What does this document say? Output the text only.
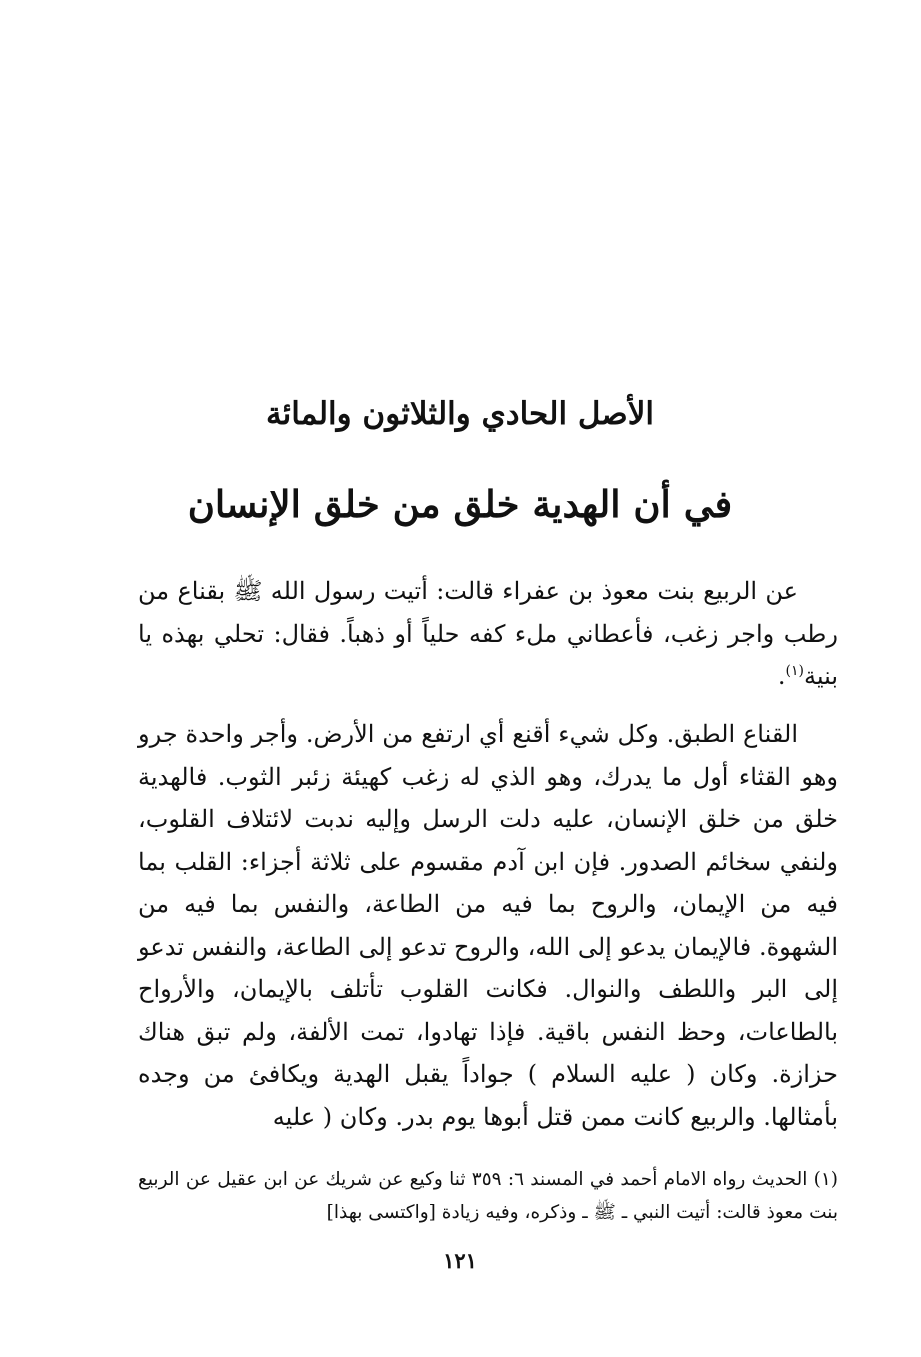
الأصل الحادي والثلاثون والمائة
في أن الهدية خلق من خلق الإنسان

عن الربيع بنت معوذ بن عفراء قالت: أتيت رسول الله ﷺ بقناع من رطب واجر زغب، فأعطاني ملء كفه حلياً أو ذهباً. فقال: تحلي بهذه يا بنية$^{(١)}$.

القناع الطبق. وكل شيء أقنع أي ارتفع من الأرض. وأجر واحدة جرو وهو القثاء أول ما يدرك، وهو الذي له زغب كهيئة زئبر الثوب. فالهدية خلق من خلق الإنسان، عليه دلت الرسل وإليه ندبت لائتلاف القلوب، ولنفي سخائم الصدور. فإن ابن آدم مقسوم على ثلاثة أجزاء: القلب بما فيه من الإيمان، والروح بما فيه من الطاعة، والنفس بما فيه من الشهوة. فالإيمان يدعو إلى الله، والروح تدعو إلى الطاعة، والنفس تدعو إلى البر واللطف والنوال. فكانت القلوب تأتلف بالإيمان، والأرواح بالطاعات، وحظ النفس باقية. فإذا تهادوا، تمت الألفة، ولم تبق هناك حزازة. وكان ( عليه السلام ) جواداً يقبل الهدية ويكافئ من وجده بأمثالها. والربيع كانت ممن قتل أبوها يوم بدر. وكان ( عليه

(١) الحديث رواه الامام أحمد في المسند ٦: ٣٥٩ ثنا وكيع عن شريك عن ابن عقيل عن الربيع بنت معوذ قالت: أتيت النبي ـ ﷺ ـ وذكره، وفيه زيادة [واكتسى بهذا]

١٢١
